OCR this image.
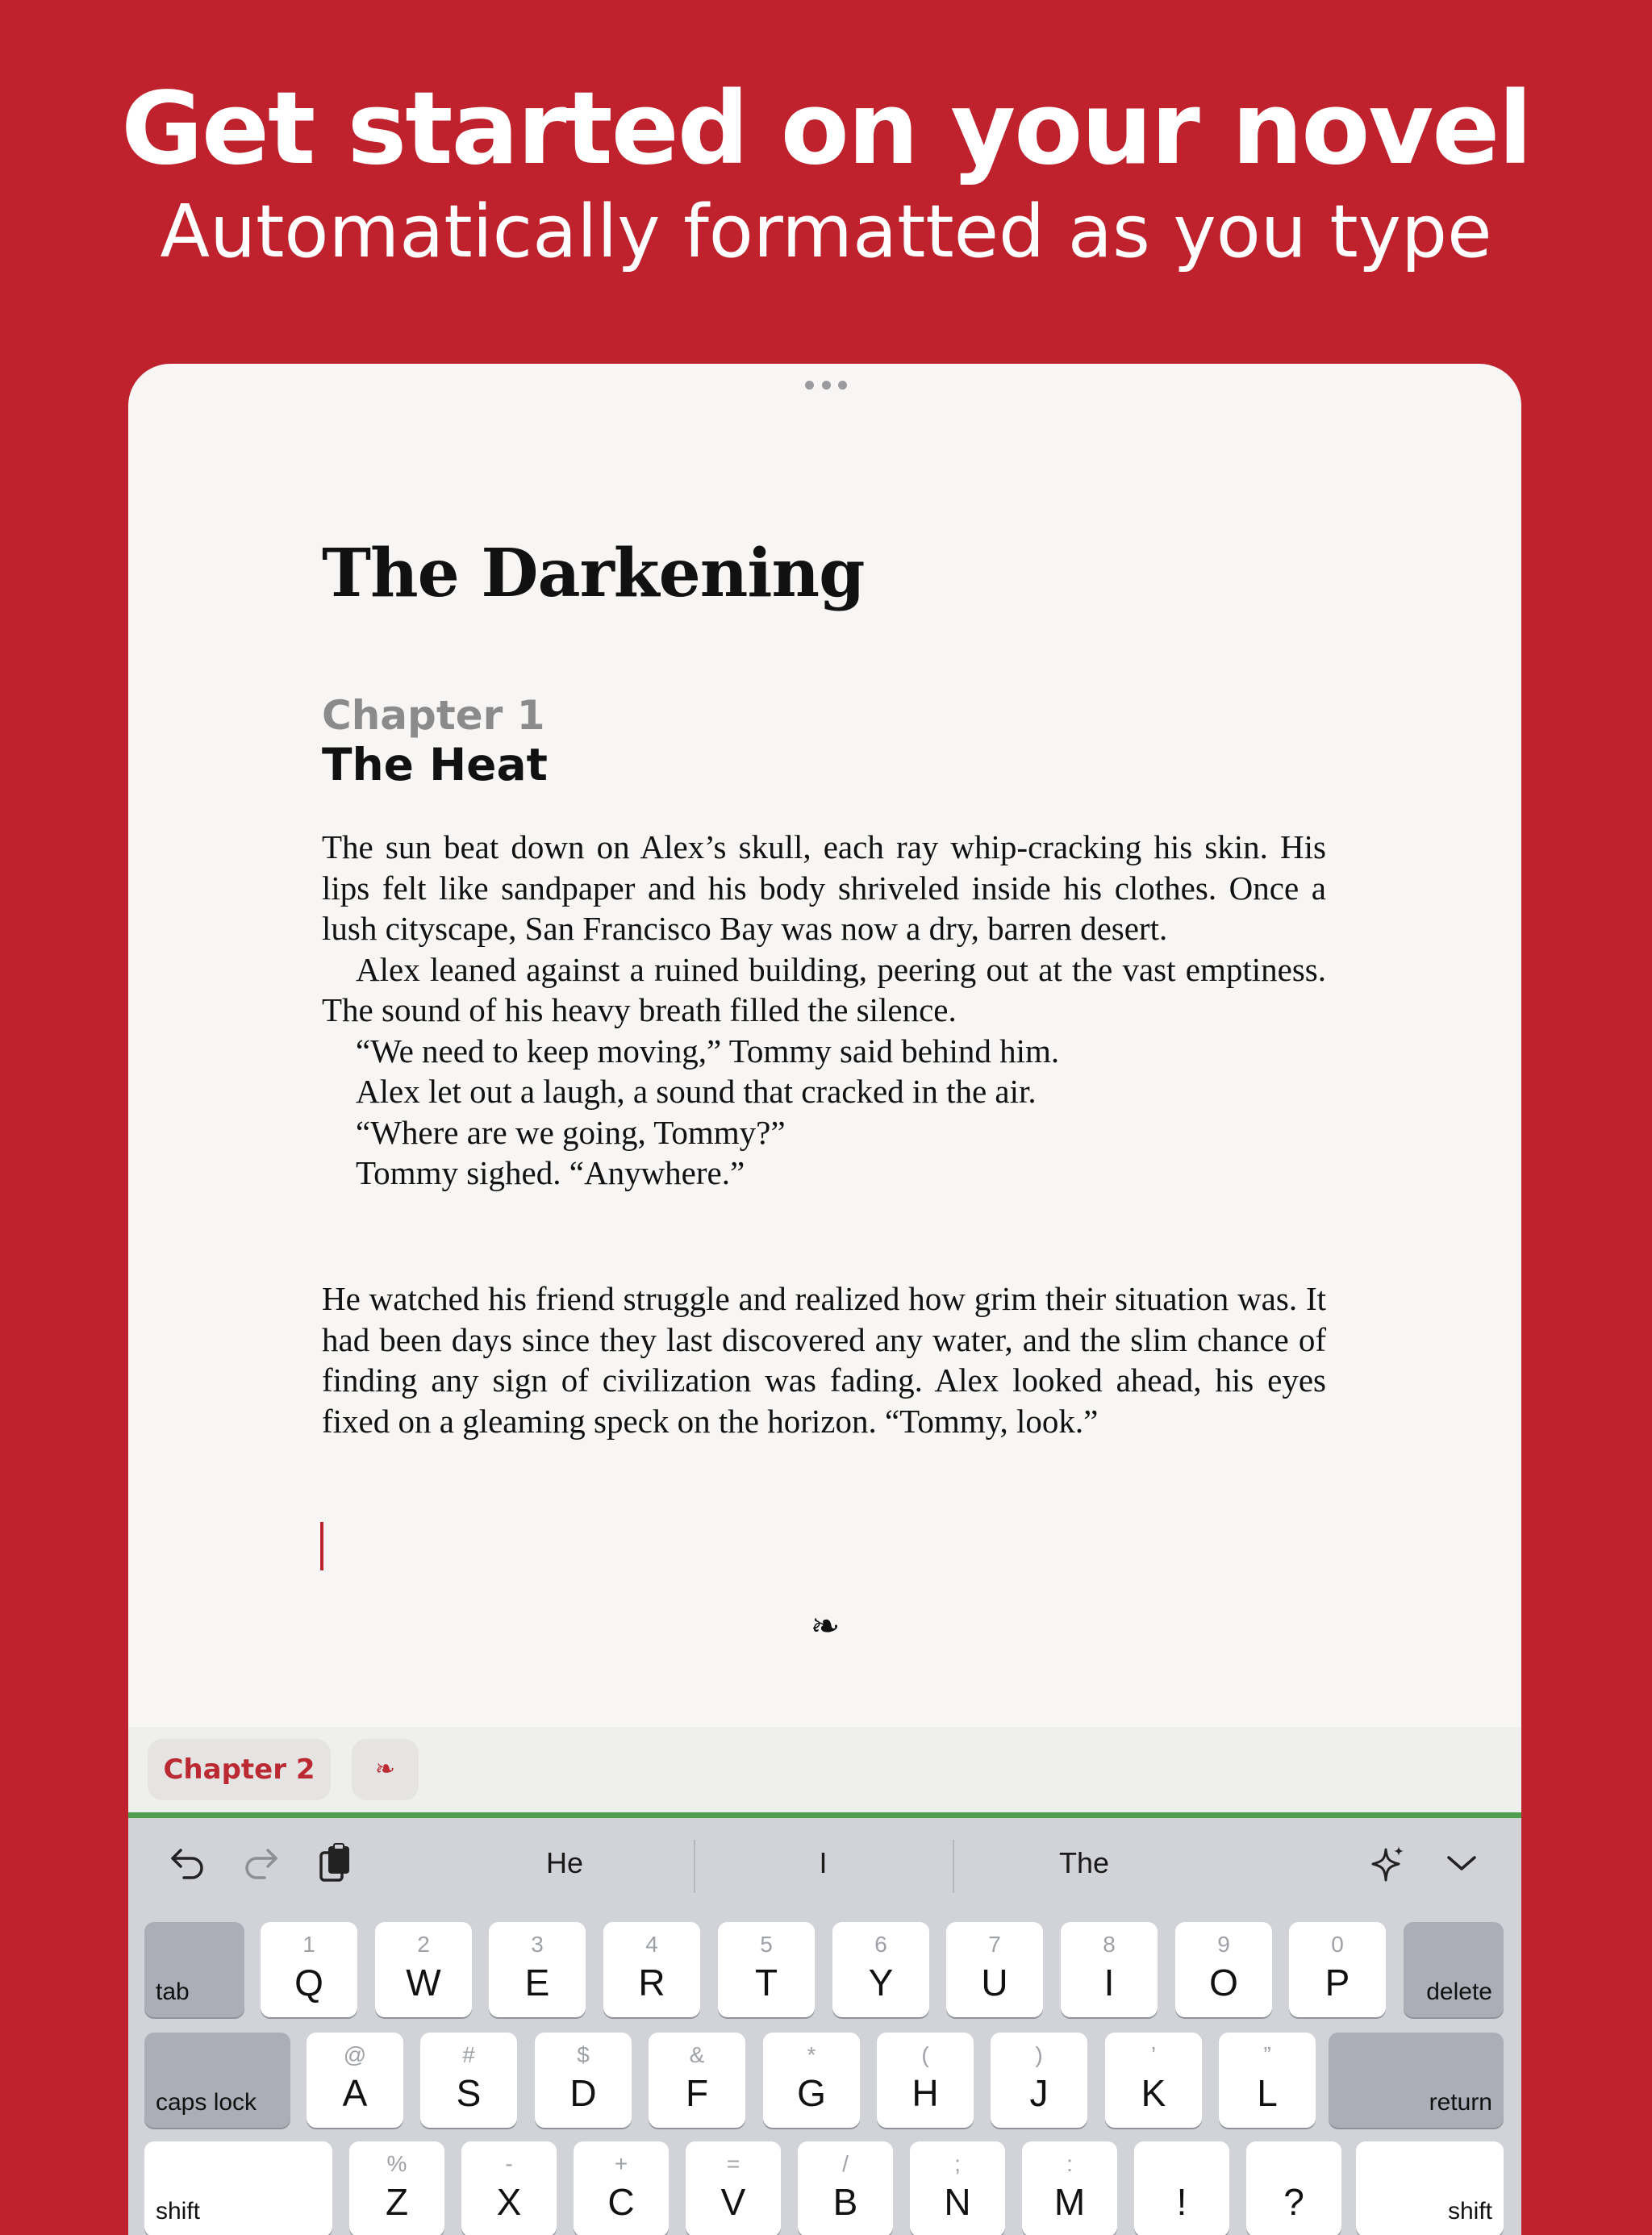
Get started on your novel
Automatically formatted as you type
The Darkening
Chapter 1
The Heat

The sun beat down on Alex’s skull, each ray whip-cracking his skin. His lips felt like sandpaper and his body shriveled inside his clothes. Once a lush cityscape, San Francisco Bay was now a dry, barren desert.

Alex leaned against a ruined building, peering out at the vast emptiness. The sound of his heavy breath filled the silence.

“We need to keep moving,” Tommy said behind him.

Alex let out a laugh, a sound that cracked in the air.

“Where are we going, Tommy?”

Tommy sighed. “Anywhere.”

He watched his friend struggle and realized how grim their situation was. It had been days since they last discovered any water, and the slim chance of finding any sign of civilization was fading. Alex looked ahead, his eyes fixed on a gleaming speck on the horizon. “Tommy, look.”

❧
Chapter 2	❧
He	I	The
tab
1
Q
2
W
3
E
4
R
5
T
6
Y
7
U
8
I
9
O
0
P	delete
caps lock
@
A
#
S
$
D
&
F
*
G
(
H
)
J
’
K
”
L	return
shift
%
Z
-
X
+
C
=
V
/
B
;
N
:
M	!	?	shift
